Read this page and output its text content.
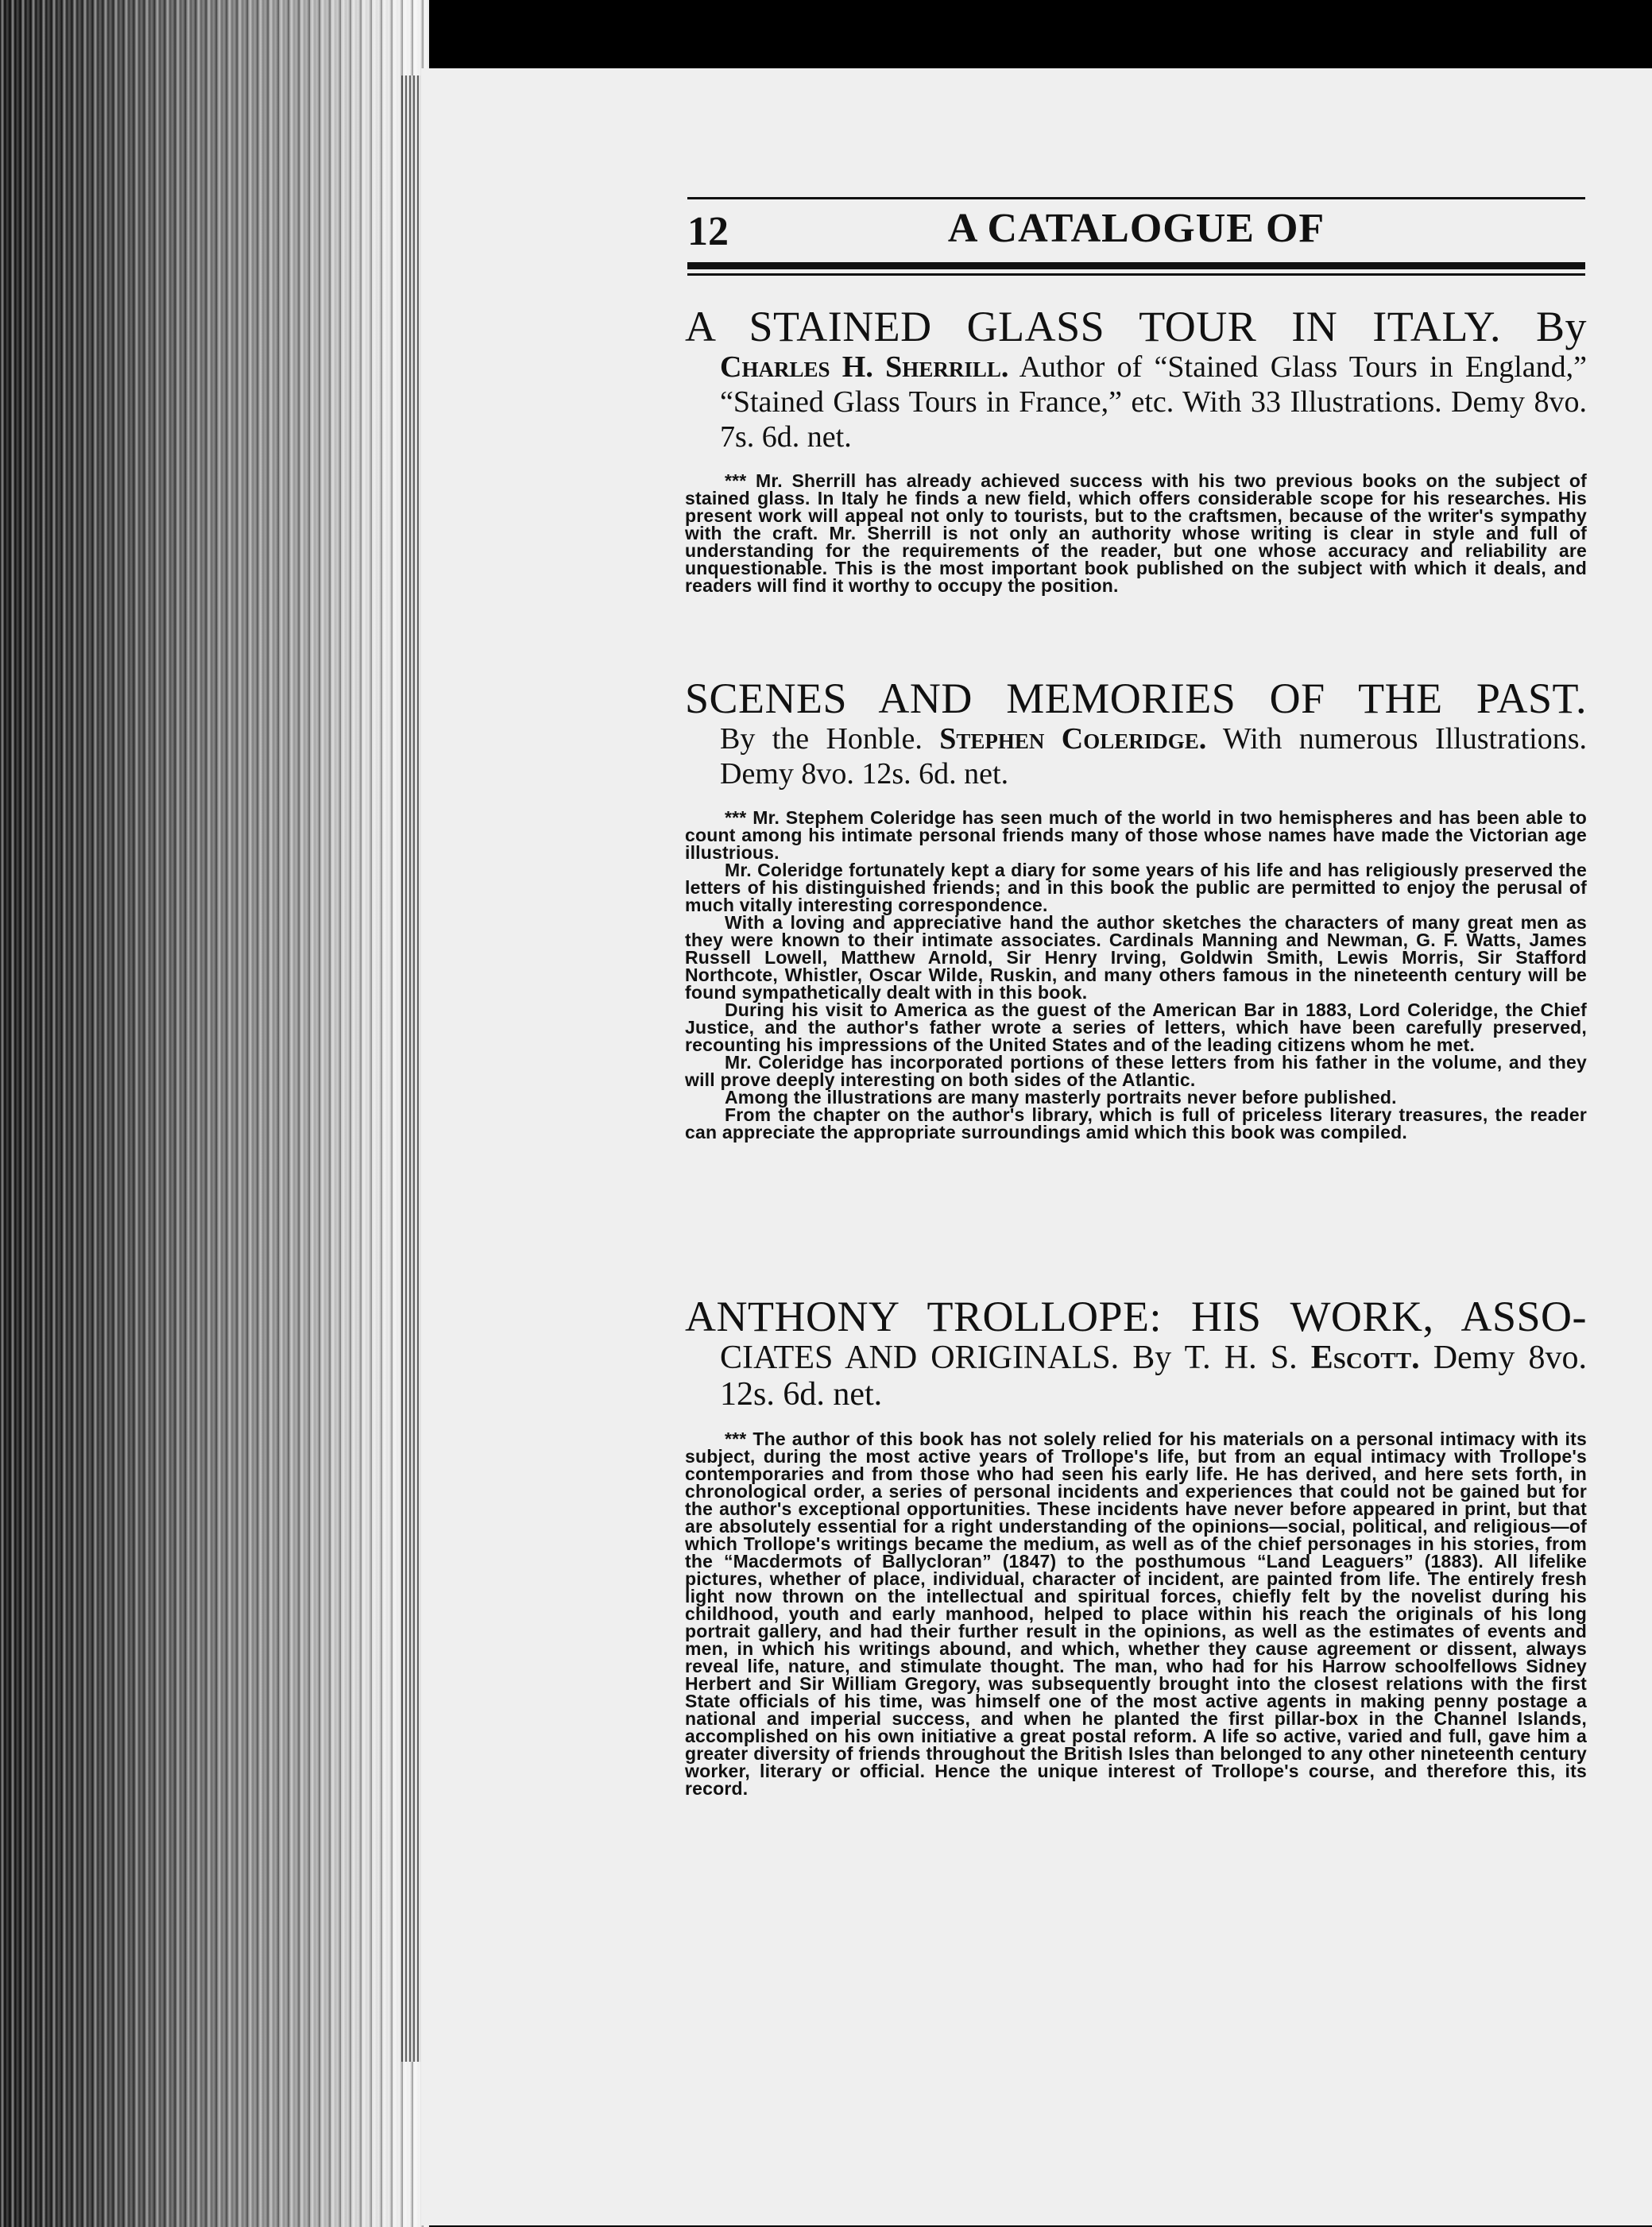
12	A CATALOGUE OF
A STAINED GLASS TOUR IN ITALY. By
Charles H. Sherrill. Author of “Stained Glass Tours in England,” “Stained Glass Tours in France,” etc. With 33 Illustrations. Demy 8vo. 7s. 6d. net.

*** Mr. Sherrill has already achieved success with his two previous books on the subject of stained glass. In Italy he finds a new field, which offers considerable scope for his researches. His present work will appeal not only to tourists, but to the craftsmen, because of the writer's sympathy with the craft. Mr. Sherrill is not only an authority whose writing is clear in style and full of understanding for the requirements of the reader, but one whose accuracy and reliability are unquestionable. This is the most important book published on the subject with which it deals, and readers will find it worthy to occupy the position.

SCENES AND MEMORIES OF THE PAST.
By the Honble. Stephen Coleridge. With numerous Illustrations. Demy 8vo. 12s. 6d. net.

*** Mr. Stephem Coleridge has seen much of the world in two hemispheres and has been able to count among his intimate personal friends many of those whose names have made the Victorian age illustrious.

Mr. Coleridge fortunately kept a diary for some years of his life and has religiously preserved the letters of his distinguished friends; and in this book the public are permitted to enjoy the perusal of much vitally interesting correspondence.

With a loving and appreciative hand the author sketches the characters of many great men as they were known to their intimate associates. Cardinals Manning and Newman, G. F. Watts, James Russell Lowell, Matthew Arnold, Sir Henry Irving, Goldwin Smith, Lewis Morris, Sir Stafford Northcote, Whistler, Oscar Wilde, Ruskin, and many others famous in the nineteenth century will be found sympathetically dealt with in this book.

During his visit to America as the guest of the American Bar in 1883, Lord Coleridge, the Chief Justice, and the author's father wrote a series of letters, which have been carefully preserved, recounting his impressions of the United States and of the leading citizens whom he met.

Mr. Coleridge has incorporated portions of these letters from his father in the volume, and they will prove deeply interesting on both sides of the Atlantic.

Among the illustrations are many masterly portraits never before published.

From the chapter on the author's library, which is full of priceless literary treasures, the reader can appreciate the appropriate surroundings amid which this book was compiled.

ANTHONY TROLLOPE: HIS WORK, ASSO-
CIATES AND ORIGINALS. By T. H. S. Escott. Demy 8vo. 12s. 6d. net.

*** The author of this book has not solely relied for his materials on a personal intimacy with its subject, during the most active years of Trollope's life, but from an equal intimacy with Trollope's contemporaries and from those who had seen his early life. He has derived, and here sets forth, in chronological order, a series of personal incidents and experiences that could not be gained but for the author's exceptional opportunities. These incidents have never before appeared in print, but that are absolutely essential for a right understanding of the opinions—social, political, and religious—of which Trollope's writings became the medium, as well as of the chief personages in his stories, from the “Macdermots of Ballycloran” (1847) to the posthumous “Land Leaguers” (1883). All lifelike pictures, whether of place, individual, character of incident, are painted from life. The entirely fresh light now thrown on the intellectual and spiritual forces, chiefly felt by the novelist during his childhood, youth and early manhood, helped to place within his reach the originals of his long portrait gallery, and had their further result in the opinions, as well as the estimates of events and men, in which his writings abound, and which, whether they cause agreement or dissent, always reveal life, nature, and stimulate thought. The man, who had for his Harrow schoolfellows Sidney Herbert and Sir William Gregory, was subsequently brought into the closest relations with the first State officials of his time, was himself one of the most active agents in making penny postage a national and imperial success, and when he planted the first pillar-box in the Channel Islands, accomplished on his own initiative a great postal reform. A life so active, varied and full, gave him a greater diversity of friends throughout the British Isles than belonged to any other nineteenth century worker, literary or official. Hence the unique interest of Trollope's course, and therefore this, its record.
